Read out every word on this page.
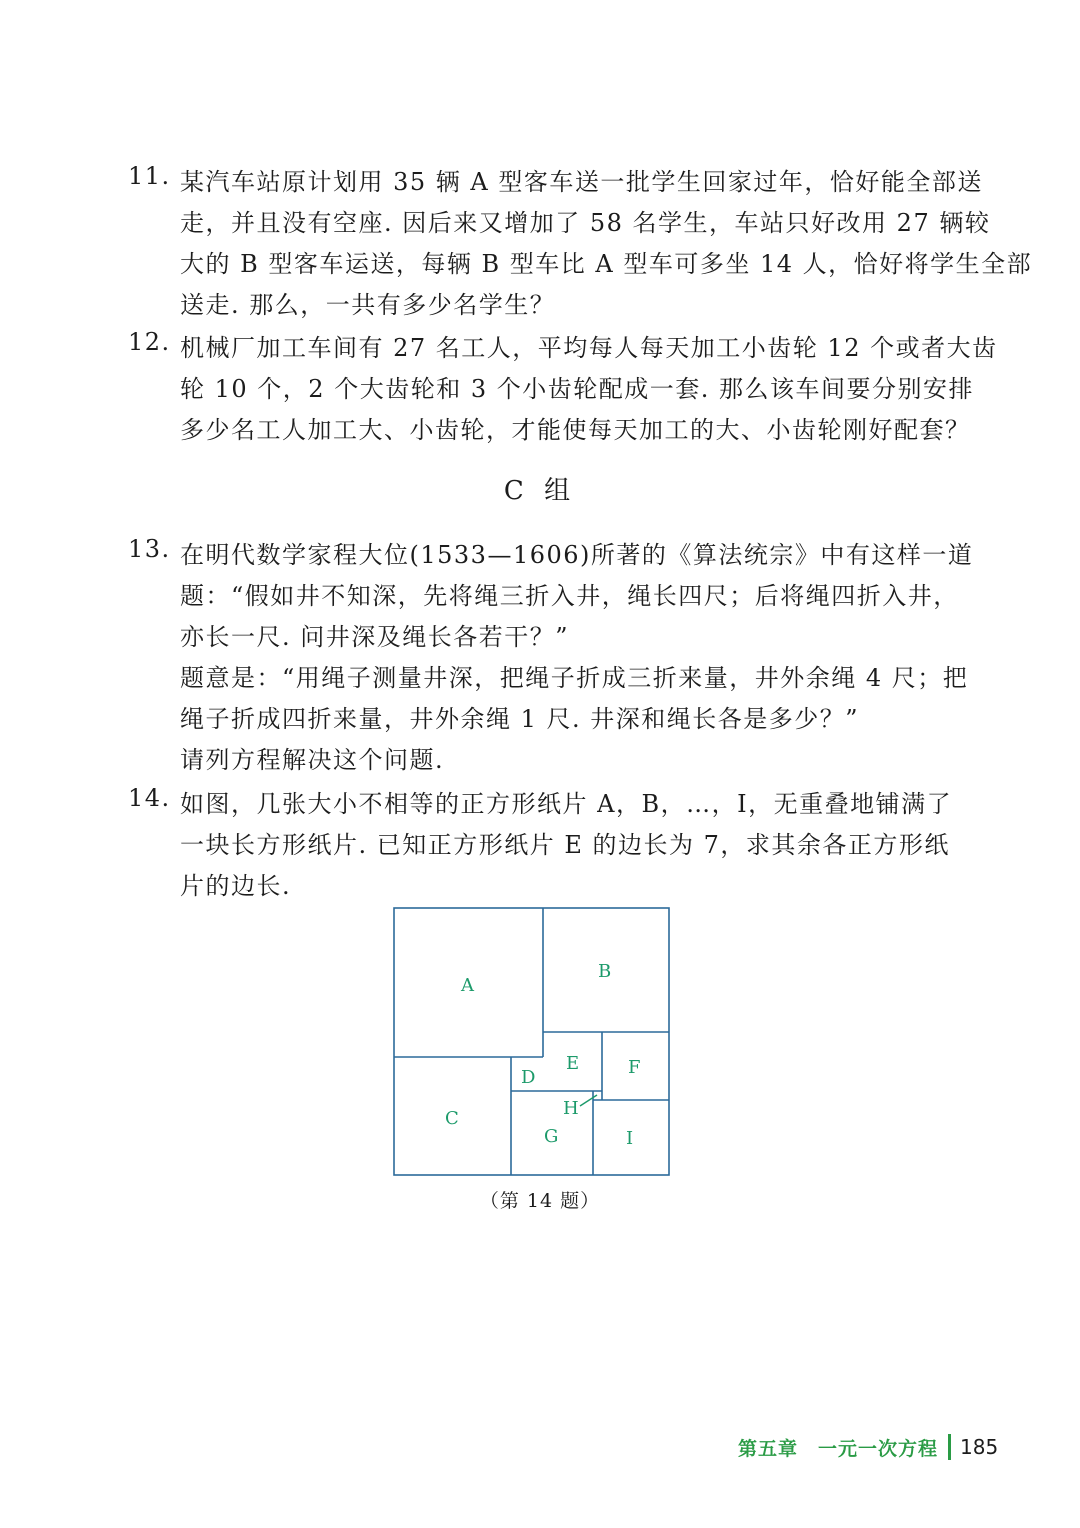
11. 某汽车站原计划用 35 辆 A 型客车送一批学生回家过年，恰好能全部送
走，并且没有空座. 因后来又增加了 58 名学生，车站只好改用 27 辆较
大的 B 型客车运送，每辆 B 型车比 A 型车可多坐 14 人，恰好将学生全部
送走. 那么，一共有多少名学生？
12. 机械厂加工车间有 27 名工人，平均每人每天加工小齿轮 12 个或者大齿
轮 10 个，2 个大齿轮和 3 个小齿轮配成一套. 那么该车间要分别安排
多少名工人加工大、小齿轮，才能使每天加工的大、小齿轮刚好配套？
C 组
13. 在明代数学家程大位(1533—1606)所著的《算法统宗》中有这样一道
题：“假如井不知深，先将绳三折入井，绳长四尺；后将绳四折入井，
亦长一尺. 问井深及绳长各若干？”
题意是：“用绳子测量井深，把绳子折成三折来量，井外余绳 4 尺；把
绳子折成四折来量，井外余绳 1 尺. 井深和绳长各是多少？”
请列方程解决这个问题.
14. 如图，几张大小不相等的正方形纸片 A，B，…，I，无重叠地铺满了
一块长方形纸片. 已知正方形纸片 E 的边长为 7，求其余各正方形纸
片的边长.
A
B
C
D
E	F
G
H
I
（第 14 题）
第五章　一元一次方程 185
